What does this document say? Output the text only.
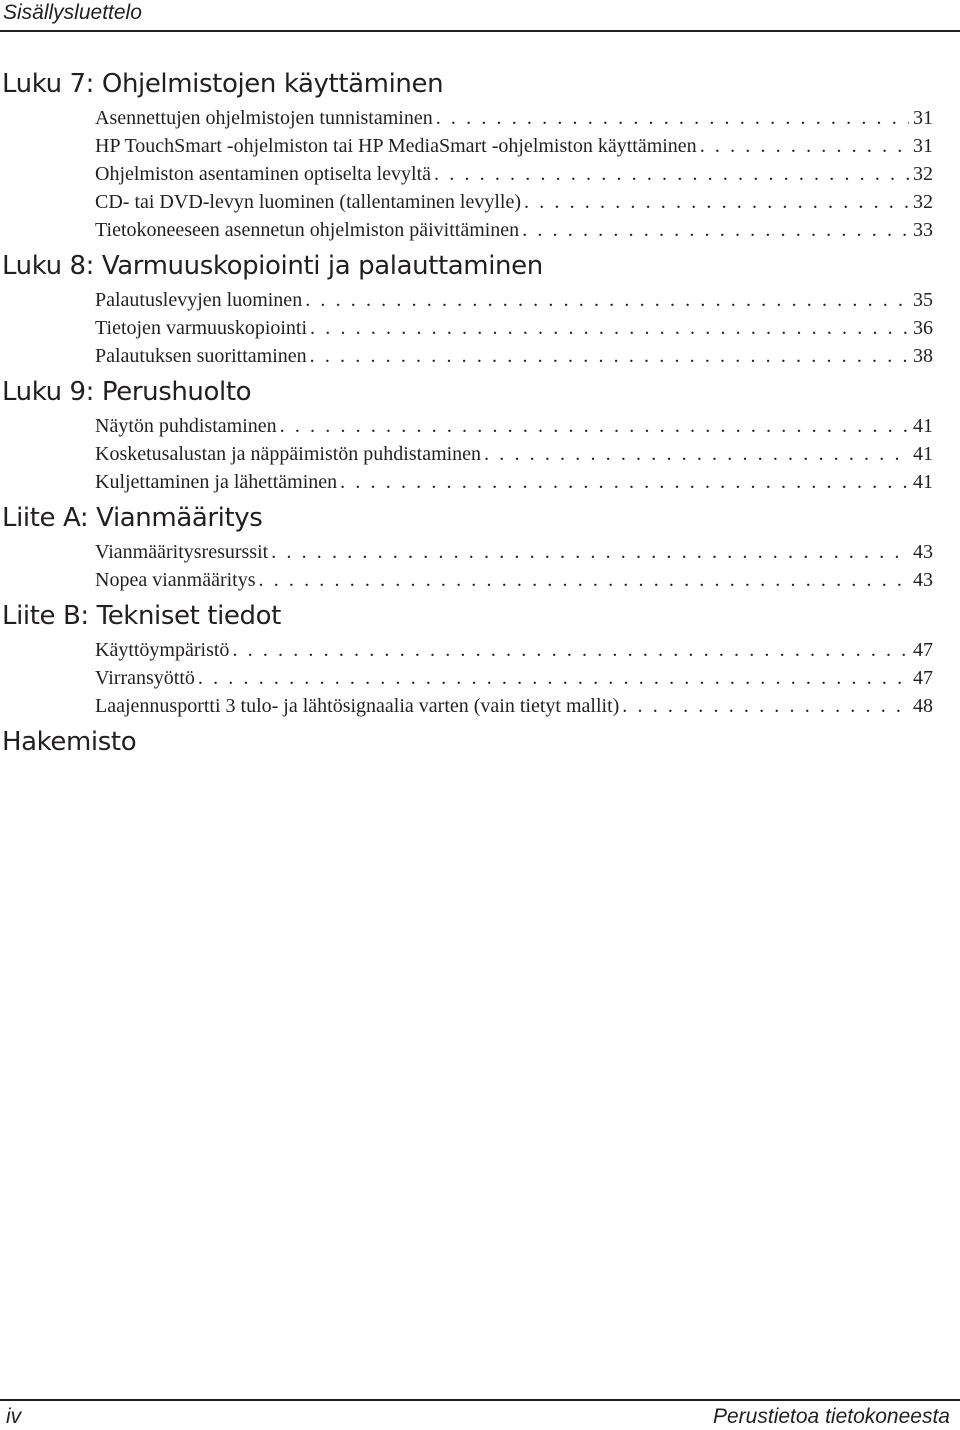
Sisällysluettelo
Luku 7: Ohjelmistojen käyttäminen
Asennettujen ohjelmistojen tunnistaminen . . .	31
HP TouchSmart -ohjelmiston tai HP MediaSmart -ohjelmiston käyttäminen . . .	31
Ohjelmiston asentaminen optiselta levyltä . . .	32
CD- tai DVD-levyn luominen (tallentaminen levylle) . . .	32
Tietokoneeseen asennetun ohjelmiston päivittäminen . . .	33
Luku 8: Varmuuskopiointi ja palauttaminen
Palautuslevyjen luominen . . .	35
Tietojen varmuuskopiointi . . .	36
Palautuksen suorittaminen . . .	38
Luku 9: Perushuolto
Näytön puhdistaminen . . .	41
Kosketusalustan ja näppäimistön puhdistaminen . . .	41
Kuljettaminen ja lähettäminen . . .	41
Liite A: Vianmääritys
Vianmääritysresurssit . . .	43
Nopea vianmääritys . . .	43
Liite B: Tekniset tiedot
Käyttöympäristö . . .	47
Virransyöttö . . .	47
Laajennusportti 3 tulo- ja lähtösignaalia varten (vain tietyt mallit) . . .	48
Hakemisto
iv	Perustietoa tietokoneesta
